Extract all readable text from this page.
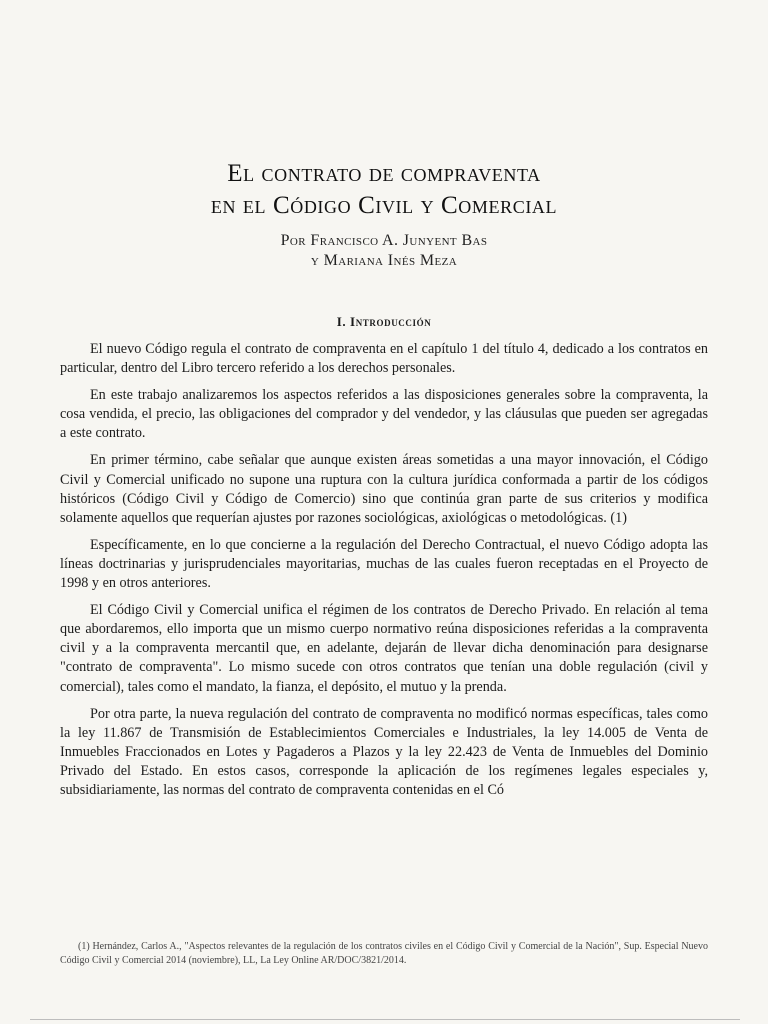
El contrato de compraventa
en el Código Civil y Comercial
Por Francisco A. Junyent Bas
y Mariana Inés Meza
I. Introducción

El nuevo Código regula el contrato de compraventa en el capítulo 1 del título 4, dedicado a los contratos en particular, dentro del Libro tercero referido a los derechos personales.

En este trabajo analizaremos los aspectos referidos a las disposiciones generales sobre la compraventa, la cosa vendida, el precio, las obligaciones del comprador y del vendedor, y las cláusulas que pueden ser agregadas a este contrato.

En primer término, cabe señalar que aunque existen áreas sometidas a una mayor innovación, el Código Civil y Comercial unificado no supone una ruptura con la cultura jurídica conformada a partir de los códigos históricos (Código Civil y Código de Comercio) sino que continúa gran parte de sus criterios y modifica solamente aquellos que requerían ajustes por razones sociológicas, axiológicas o metodológicas. (1)

Específicamente, en lo que concierne a la regulación del Derecho Contractual, el nuevo Código adopta las líneas doctrinarias y jurisprudenciales mayoritarias, muchas de las cuales fueron receptadas en el Proyecto de 1998 y en otros anteriores.

El Código Civil y Comercial unifica el régimen de los contratos de Derecho Privado. En relación al tema que abordaremos, ello importa que un mismo cuerpo normativo reúna disposiciones referidas a la compraventa civil y a la compraventa mercantil que, en adelante, dejarán de llevar dicha denominación para designarse "contrato de compraventa". Lo mismo sucede con otros contratos que tenían una doble regulación (civil y comercial), tales como el mandato, la fianza, el depósito, el mutuo y la prenda.

Por otra parte, la nueva regulación del contrato de compraventa no modificó normas específicas, tales como la ley 11.867 de Transmisión de Establecimientos Comerciales e Industriales, la ley 14.005 de Venta de Inmuebles Fraccionados en Lotes y Pagaderos a Plazos y la ley 22.423 de Venta de Inmuebles del Dominio Privado del Estado. En estos casos, corresponde la aplicación de los regímenes legales especiales y, subsidiariamente, las normas del contrato de compraventa contenidas en el Có

(1) Hernández, Carlos A., "Aspectos relevantes de la regulación de los contratos civiles en el Código Civil y Comercial de la Nación", Sup. Especial Nuevo Código Civil y Comercial 2014 (noviembre), LL, La Ley Online AR/DOC/3821/2014.
